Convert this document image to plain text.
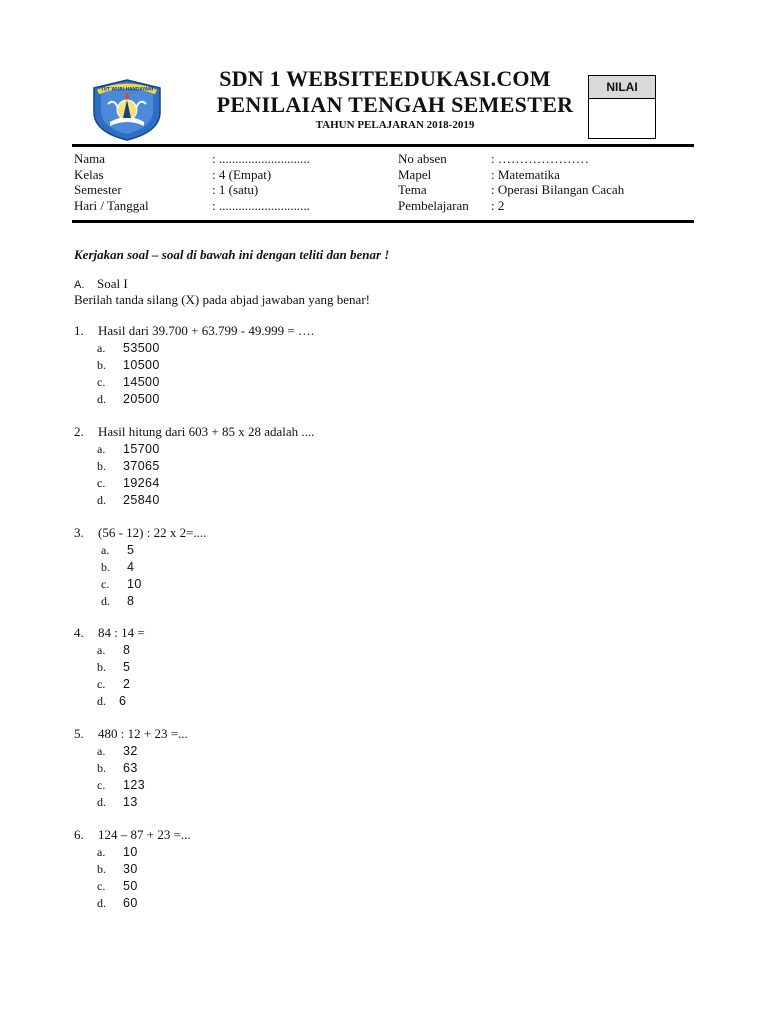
TUT WURI HANDAYANI	SDN 1 WEBSITEEDUKASI.COM
PENILAIAN TENGAH SEMESTER
TAHUN PELAJARAN 2018-2019
NILAI
Nama	: ............................	No absen	: …………………
Kelas	: 4 (Empat)	Mapel	: Matematika
Semester	: 1 (satu)	Tema	: Operasi Bilangan Cacah
Hari / Tanggal	: ............................	Pembelajaran : 2
Kerjakan soal – soal di bawah ini dengan teliti dan benar !
A. Soal I
Berilah tanda silang (X) pada abjad jawaban yang benar!
1. Hasil dari 39.700 + 63.799 - 49.999 = ….
a. 53500
b. 10500
c. 14500
d. 20500
2. Hasil hitung dari 603 + 85 x 28 adalah ....
a. 15700
b. 37065
c. 19264
d. 25840
3. (56 - 12) : 22 x 2=....
a. 5
b. 4
c. 10
d. 8
4. 84 : 14 =
a. 8
b. 5
c. 2
d. 6
5. 480 : 12 + 23 =...
a. 32
b. 63
c. 123
d. 13
6. 124 – 87 + 23 =...
a. 10
b. 30
c. 50
d. 60
